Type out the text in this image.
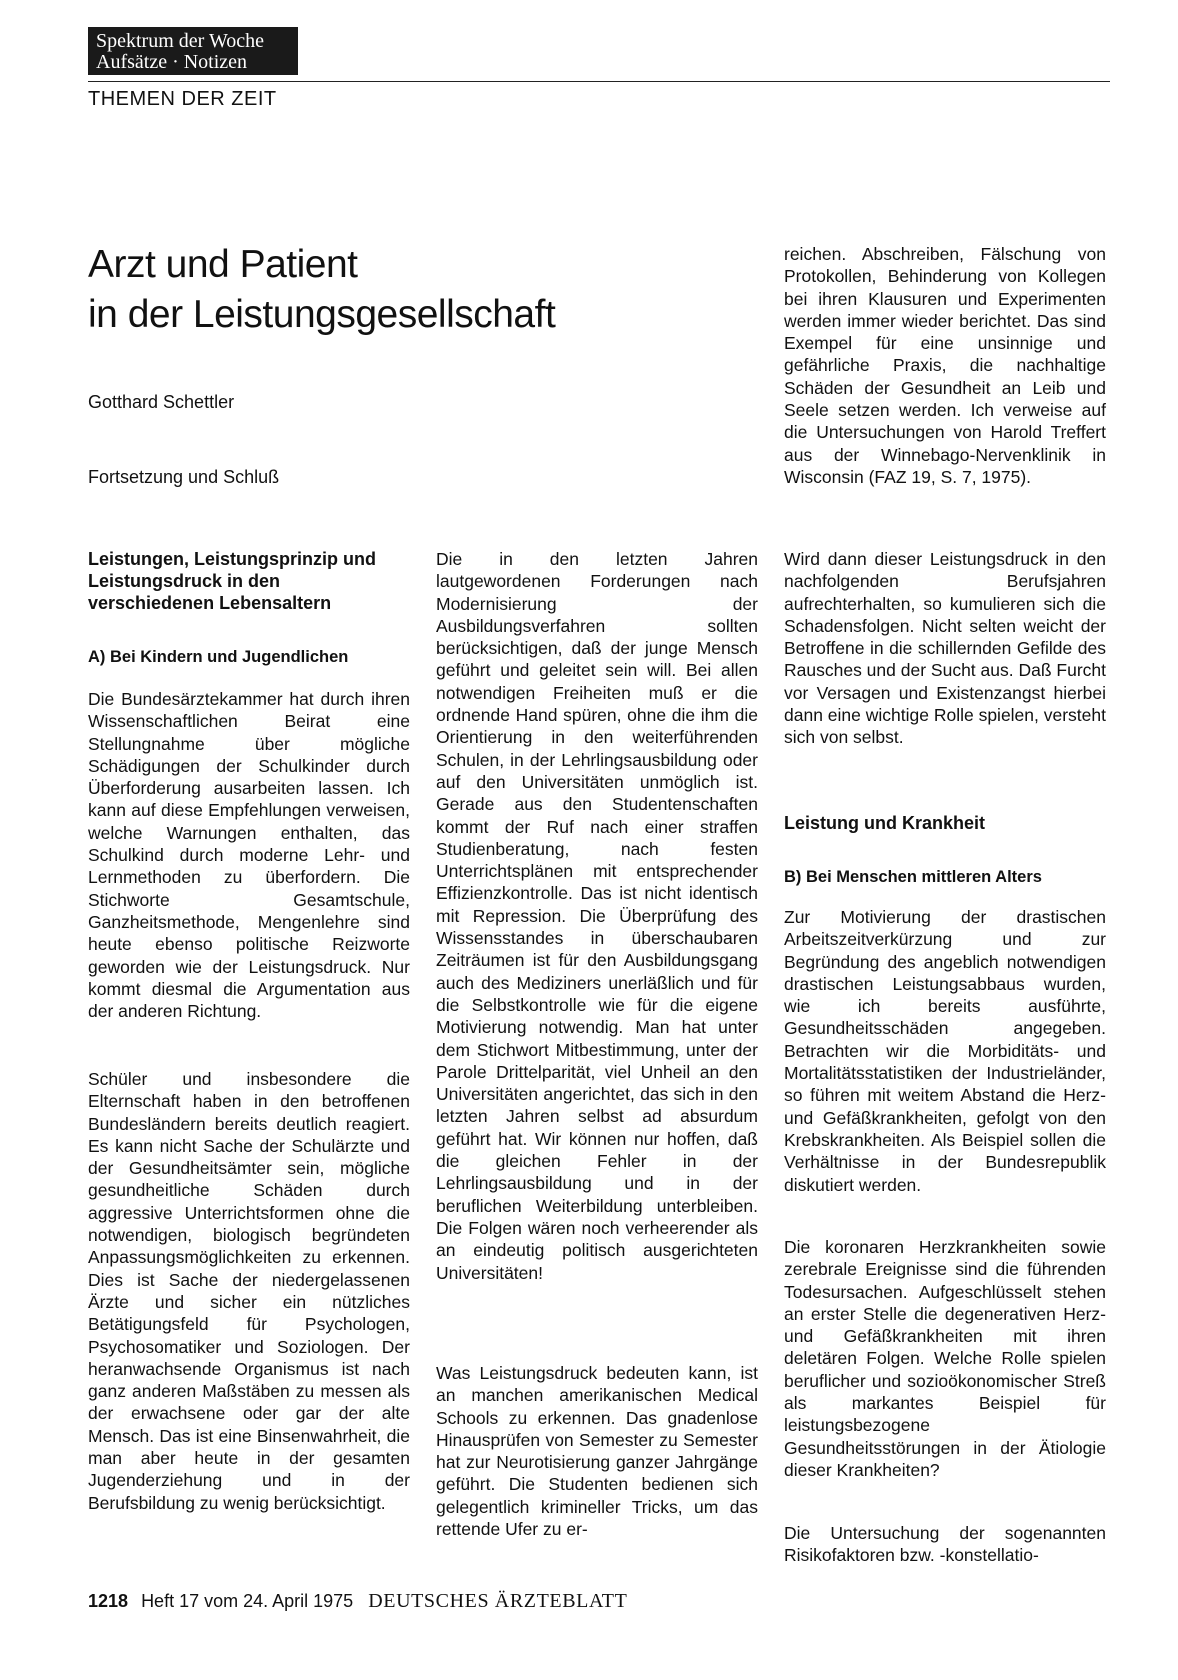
Spektrum der Woche
Aufsätze · Notizen
THEMEN DER ZEIT
Arzt und Patient
in der Leistungsgesellschaft
Gotthard Schettler
Fortsetzung und Schluß
Leistungen, Leistungsprinzip und Leistungsdruck in den verschiedenen Lebensaltern
A) Bei Kindern und Jugendlichen
Die Bundesärztekammer hat durch ihren Wissenschaftlichen Beirat eine Stellungnahme über mögliche Schädigungen der Schulkinder durch Überforderung ausarbeiten lassen. Ich kann auf diese Empfehlungen verweisen, welche Warnungen enthalten, das Schulkind durch moderne Lehr- und Lernmethoden zu überfordern. Die Stichworte Gesamtschule, Ganzheitsmethode, Mengenlehre sind heute ebenso politische Reizworte geworden wie der Leistungsdruck. Nur kommt diesmal die Argumentation aus der anderen Richtung.
Schüler und insbesondere die Elternschaft haben in den betroffenen Bundesländern bereits deutlich reagiert. Es kann nicht Sache der Schulärzte und der Gesundheitsämter sein, mögliche gesundheitliche Schäden durch aggressive Unterrichtsformen ohne die notwendigen, biologisch begründeten Anpassungsmöglichkeiten zu erkennen. Dies ist Sache der niedergelassenen Ärzte und sicher ein nützliches Betätigungsfeld für Psychologen, Psychosomatiker und Soziologen. Der heranwachsende Organismus ist nach ganz anderen Maßstäben zu messen als der erwachsene oder gar der alte Mensch. Das ist eine Binsenwahrheit, die man aber heute in der gesamten Jugenderziehung und in der Berufsbildung zu wenig berücksichtigt.
Die in den letzten Jahren lautgewordenen Forderungen nach Modernisierung der Ausbildungsverfahren sollten berücksichtigen, daß der junge Mensch geführt und geleitet sein will. Bei allen notwendigen Freiheiten muß er die ordnende Hand spüren, ohne die ihm die Orientierung in den weiterführenden Schulen, in der Lehrlingsausbildung oder auf den Universitäten unmöglich ist. Gerade aus den Studentenschaften kommt der Ruf nach einer straffen Studienberatung, nach festen Unterrichtsplänen mit entsprechender Effizienzkontrolle. Das ist nicht identisch mit Repression. Die Überprüfung des Wissensstandes in überschaubaren Zeiträumen ist für den Ausbildungsgang auch des Mediziners unerläßlich und für die Selbstkontrolle wie für die eigene Motivierung notwendig. Man hat unter dem Stichwort Mitbestimmung, unter der Parole Drittelparität, viel Unheil an den Universitäten angerichtet, das sich in den letzten Jahren selbst ad absurdum geführt hat. Wir können nur hoffen, daß die gleichen Fehler in der Lehrlingsausbildung und in der beruflichen Weiterbildung unterbleiben. Die Folgen wären noch verheerender als an eindeutig politisch ausgerichteten Universitäten!
Was Leistungsdruck bedeuten kann, ist an manchen amerikanischen Medical Schools zu erkennen. Das gnadenlose Hinausprüfen von Semester zu Semester hat zur Neurotisierung ganzer Jahrgänge geführt. Die Studenten bedienen sich gelegentlich krimineller Tricks, um das rettende Ufer zu er-
reichen. Abschreiben, Fälschung von Protokollen, Behinderung von Kollegen bei ihren Klausuren und Experimenten werden immer wieder berichtet. Das sind Exempel für eine unsinnige und gefährliche Praxis, die nachhaltige Schäden der Gesundheit an Leib und Seele setzen werden. Ich verweise auf die Untersuchungen von Harold Treffert aus der Winnebago-Nervenklinik in Wisconsin (FAZ 19, S. 7, 1975).
Wird dann dieser Leistungsdruck in den nachfolgenden Berufsjahren aufrechterhalten, so kumulieren sich die Schadensfolgen. Nicht selten weicht der Betroffene in die schillernden Gefilde des Rausches und der Sucht aus. Daß Furcht vor Versagen und Existenzangst hierbei dann eine wichtige Rolle spielen, versteht sich von selbst.
Leistung und Krankheit
B) Bei Menschen mittleren Alters
Zur Motivierung der drastischen Arbeitszeitverkürzung und zur Begründung des angeblich notwendigen drastischen Leistungsabbaus wurden, wie ich bereits ausführte, Gesundheitsschäden angegeben. Betrachten wir die Morbiditäts- und Mortalitätsstatistiken der Industrieländer, so führen mit weitem Abstand die Herz- und Gefäßkrankheiten, gefolgt von den Krebskrankheiten. Als Beispiel sollen die Verhältnisse in der Bundesrepublik diskutiert werden.
Die koronaren Herzkrankheiten sowie zerebrale Ereignisse sind die führenden Todesursachen. Aufgeschlüsselt stehen an erster Stelle die degenerativen Herz- und Gefäßkrankheiten mit ihren deletären Folgen. Welche Rolle spielen beruflicher und sozioökonomischer Streß als markantes Beispiel für leistungsbezogene Gesundheitsstörungen in der Ätiologie dieser Krankheiten?
Die Untersuchung der sogenannten Risikofaktoren bzw. -konstellatio-
1218 Heft 17 vom 24. April 1975 DEUTSCHES ÄRZTEBLATT
